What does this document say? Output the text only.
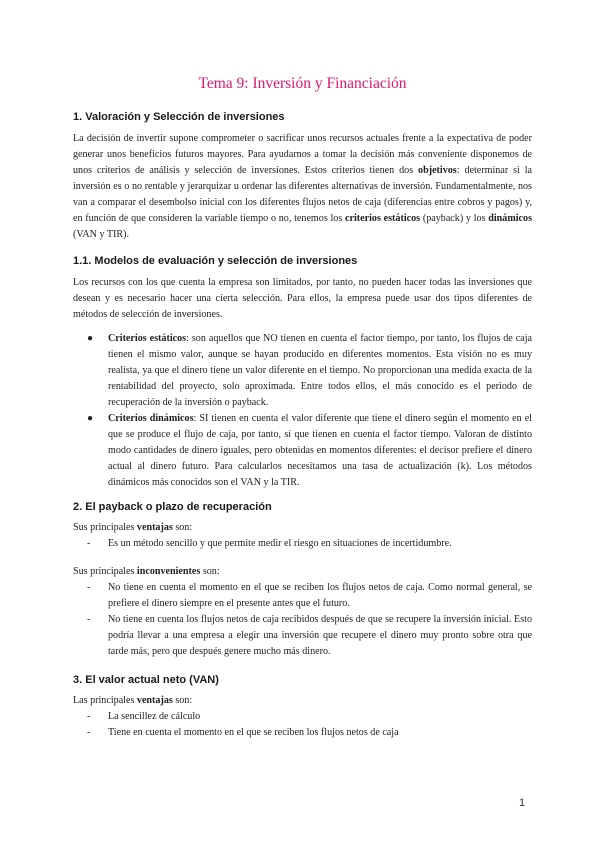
Tema 9: Inversión y Financiación
1. Valoración y Selección de inversiones
La decisión de invertir supone comprometer o sacrificar unos recursos actuales frente a la expectativa de poder generar unos beneficios futuros mayores. Para ayudarnos a tomar la decisión más conveniente disponemos de unos criterios de análisis y selección de inversiones. Estos criterios tienen dos objetivos: determinar si la inversión es o no rentable y jerarquizar u ordenar las diferentes alternativas de inversión. Fundamentalmente, nos van a comparar el desembolso inicial con los diferentes flujos netos de caja (diferencias entre cobros y pagos) y, en función de que consideren la variable tiempo o no, tenemos los criterios estáticos (payback) y los dinámicos (VAN y TIR).
1.1. Modelos de evaluación y selección de inversiones
Los recursos con los que cuenta la empresa son limitados, por tanto, no pueden hacer todas las inversiones que desean y es necesario hacer una cierta selección. Para ellos, la empresa puede usar dos tipos diferentes de métodos de selección de inversiones.
● Criterios estáticos: son aquellos que NO tienen en cuenta el factor tiempo, por tanto, los flujos de caja tienen el mismo valor, aunque se hayan producido en diferentes momentos. Esta visión no es muy realista, ya que el dinero tiene un valor diferente en el tiempo. No proporcionan una medida exacta de la rentabilidad del proyecto, solo aproximada. Entre todos ellos, el más conocido es el periodo de recuperación de la inversión o payback.
● Criterios dinámicos: SI tienen en cuenta el valor diferente que tiene el dinero según el momento en el que se produce el flujo de caja, por tanto, sí que tienen en cuenta el factor tiempo. Valoran de distinto modo cantidades de dinero iguales, pero obtenidas en momentos diferentes: el decisor prefiere el dinero actual al dinero futuro. Para calcularlos necesitamos una tasa de actualización (k). Los métodos dinámicos más conocidos son el VAN y la TIR.
2. El payback o plazo de recuperación
Sus principales ventajas son:
- Es un método sencillo y que permite medir el riesgo en situaciones de incertidumbre.
Sus principales inconvenientes son:
- No tiene en cuenta el momento en el que se reciben los flujos netos de caja. Como normal general, se prefiere el dinero siempre en el presente antes que el futuro.
- No tiene en cuenta los flujos netos de caja recibidos después de que se recupere la inversión inicial. Esto podría llevar a una empresa a elegir una inversión que recupere el dinero muy pronto sobre otra que tarde más, pero que después genere mucho más dinero.
3. El valor actual neto (VAN)
Las principales ventajas son:
- La sencillez de cálculo
- Tiene en cuenta el momento en el que se reciben los flujos netos de caja
1
